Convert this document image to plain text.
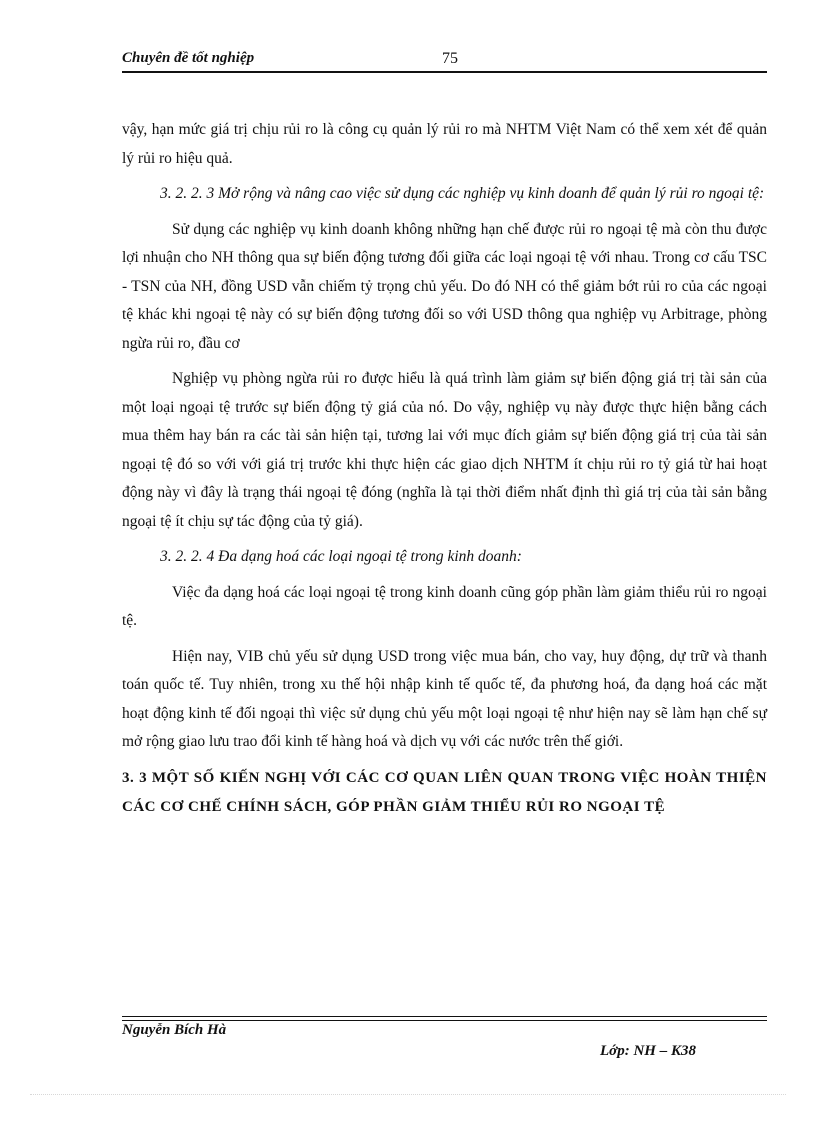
Chuyên đề tốt nghiệp	75

vậy, hạn mức giá trị chịu rủi ro là công cụ quản lý rủi ro mà NHTM Việt Nam có thể xem xét để quản lý rủi ro hiệu quả.

3. 2. 2. 3 Mở rộng và nâng cao việc sử dụng các nghiệp vụ kinh doanh để quản lý rủi ro ngoại tệ:

Sử dụng các nghiệp vụ kinh doanh không những hạn chế được rủi ro ngoại tệ mà còn thu được lợi nhuận cho NH thông qua sự biến động tương đối giữa các loại ngoại tệ với nhau. Trong cơ cấu TSC - TSN của NH, đồng USD vẫn chiếm tỷ trọng chủ yếu. Do đó NH có thể giảm bớt rủi ro của các ngoại tệ khác khi ngoại tệ này có sự biến động tương đối so với USD thông qua nghiệp vụ Arbitrage, phòng ngừa rủi ro, đầu cơ

Nghiệp vụ phòng ngừa rủi ro được hiểu là quá trình làm giảm sự biến động giá trị tài sản của một loại ngoại tệ trước sự biến động tỷ giá của nó. Do vậy, nghiệp vụ này được thực hiện bằng cách mua thêm hay bán ra các tài sản hiện tại, tương lai với mục đích giảm sự biến động giá trị của tài sản ngoại tệ đó so với với giá trị trước khi thực hiện các giao dịch NHTM ít chịu rủi ro tỷ giá từ hai hoạt động này vì đây là trạng thái ngoại tệ đóng (nghĩa là tại thời điểm nhất định thì giá trị của tài sản bằng ngoại tệ ít chịu sự tác động của tỷ giá).

3. 2. 2. 4 Đa dạng hoá các loại ngoại tệ trong kinh doanh:

Việc đa dạng hoá các loại ngoại tệ trong kinh doanh cũng góp phần làm giảm thiểu rủi ro ngoại tệ.

Hiện nay, VIB chủ yếu sử dụng USD trong việc mua bán, cho vay, huy động, dự trữ và thanh toán quốc tế. Tuy nhiên, trong xu thế hội nhập kinh tế quốc tế, đa phương hoá, đa dạng hoá các mặt hoạt động kinh tế đối ngoại thì việc sử dụng chủ yếu một loại ngoại tệ như hiện nay sẽ làm hạn chế sự mở rộng giao lưu trao đổi kinh tế hàng hoá và dịch vụ với các nước trên thế giới.

3. 3 MỘT SỐ KIẾN NGHỊ VỚI CÁC CƠ QUAN LIÊN QUAN TRONG VIỆC HOÀN THIỆN CÁC CƠ CHẾ CHÍNH SÁCH, GÓP PHẦN GIẢM THIỂU RỦI RO NGOẠI TỆ

Nguyễn Bích Hà
Lớp: NH – K38
